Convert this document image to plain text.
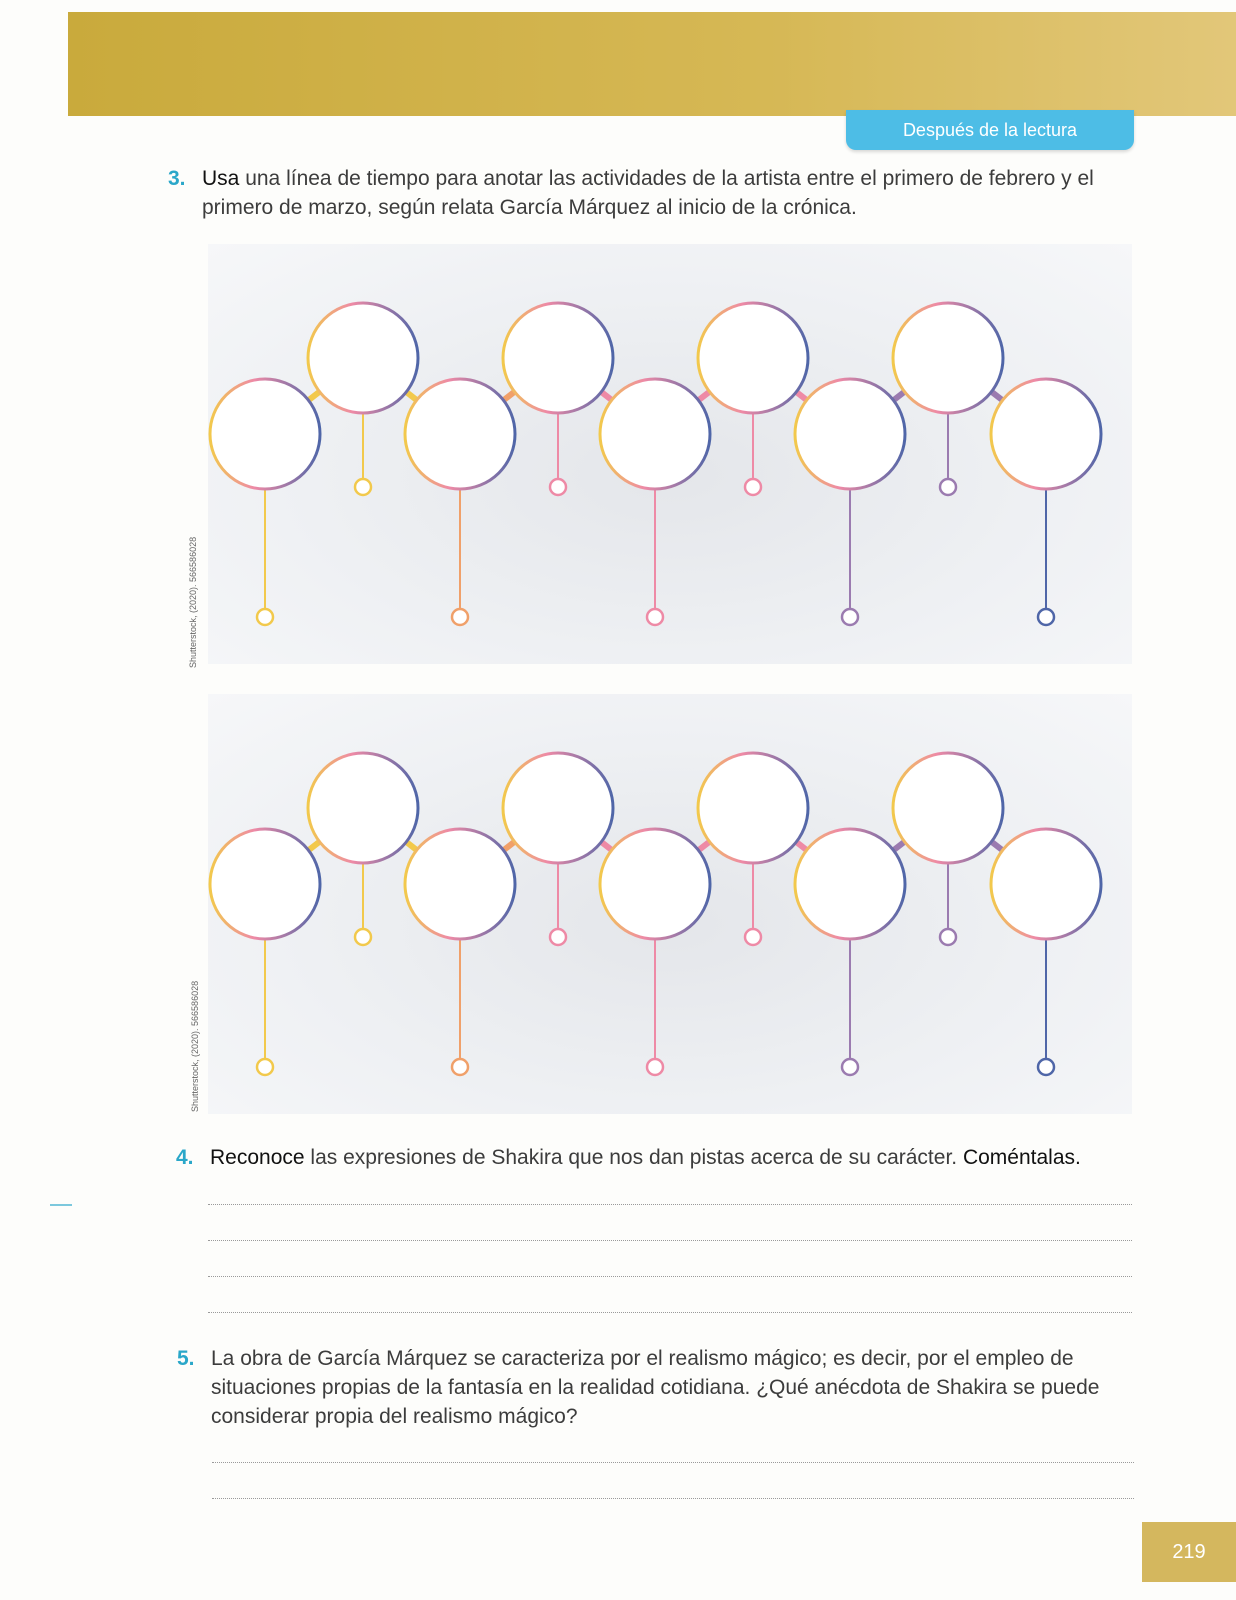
Después de la lectura
3. Usa una línea de tiempo para anotar las actividades de la artista entre el primero de febrero y el primero de marzo, según relata García Márquez al inicio de la crónica.
Shutterstock, (2020). 566586028
Shutterstock, (2020). 566586028
4. Reconoce las expresiones de Shakira que nos dan pistas acerca de su carácter. Coméntalas.
5. La obra de García Márquez se caracteriza por el realismo mágico; es decir, por el empleo de situaciones propias de la fantasía en la realidad cotidiana. ¿Qué anécdota de Shakira se puede considerar propia del realismo mágico?
219
